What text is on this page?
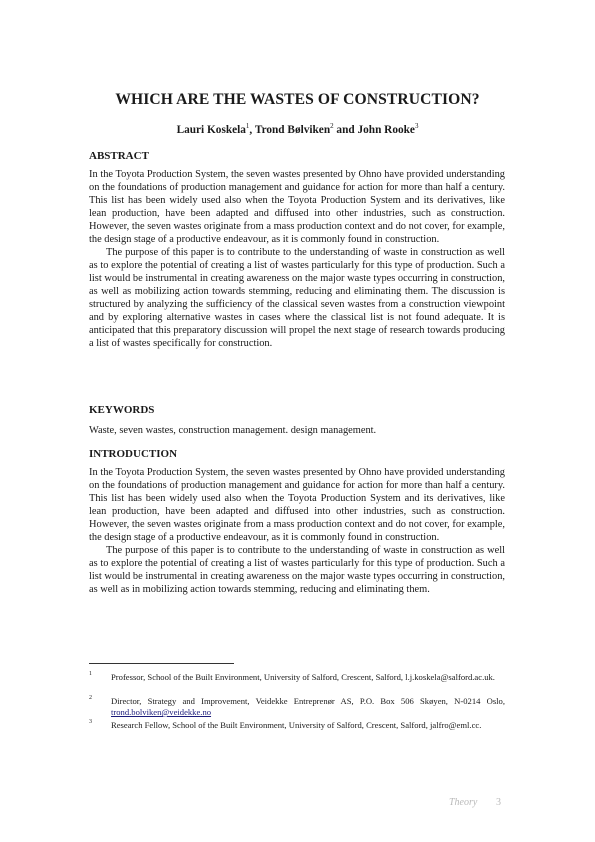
WHICH ARE THE WASTES OF CONSTRUCTION?

Lauri Koskela$^1$, Trond Bølviken$^2$ and John Rooke$^3$

ABSTRACT

In the Toyota Production System, the seven wastes presented by Ohno have provided understanding on the foundations of production management and guidance for action for more than half a century. This list has been widely used also when the Toyota Production System and its derivatives, like lean production, have been adapted and diffused into other industries, such as construction. However, the seven wastes originate from a mass production context and do not cover, for example, the design stage of a productive endeavour, as it is commonly found in construction.

The purpose of this paper is to contribute to the understanding of waste in construction as well as to explore the potential of creating a list of wastes particularly for this type of production. Such a list would be instrumental in creating awareness on the major waste types occurring in construction, as well as mobilizing action towards stemming, reducing and eliminating them. The discussion is structured by analyzing the sufficiency of the classical seven wastes from a construction viewpoint and by exploring alternative wastes in cases where the classical list is not found adequate. It is anticipated that this preparatory discussion will propel the next stage of research towards producing a list of wastes specifically for construction.

KEYWORDS

Waste, seven wastes, construction management. design management.

INTRODUCTION

In the Toyota Production System, the seven wastes presented by Ohno have provided understanding on the foundations of production management and guidance for action for more than half a century. This list has been widely used also when the Toyota Production System and its derivatives, like lean production, have been adapted and diffused into other industries, such as construction. However, the seven wastes originate from a mass production context and do not cover, for example, the design stage of a productive endeavour, as it is commonly found in construction.

The purpose of this paper is to contribute to the understanding of waste in construction as well as to explore the potential of creating a list of wastes particularly for this type of production. Such a list would be instrumental in creating awareness on the major waste types occurring in construction, as well as in mobilizing action towards stemming, reducing and eliminating them.

1 Professor, School of the Built Environment, University of Salford, Crescent, Salford, l.j.koskela@salford.ac.uk.
2 Director, Strategy and Improvement, Veidekke Entreprenør AS, P.O. Box 506 Skøyen, N-0214 Oslo, trond.bolviken@veidekke.no
3 Research Fellow, School of the Built Environment, University of Salford, Crescent, Salford, jalfro@eml.cc.
Theory 3
